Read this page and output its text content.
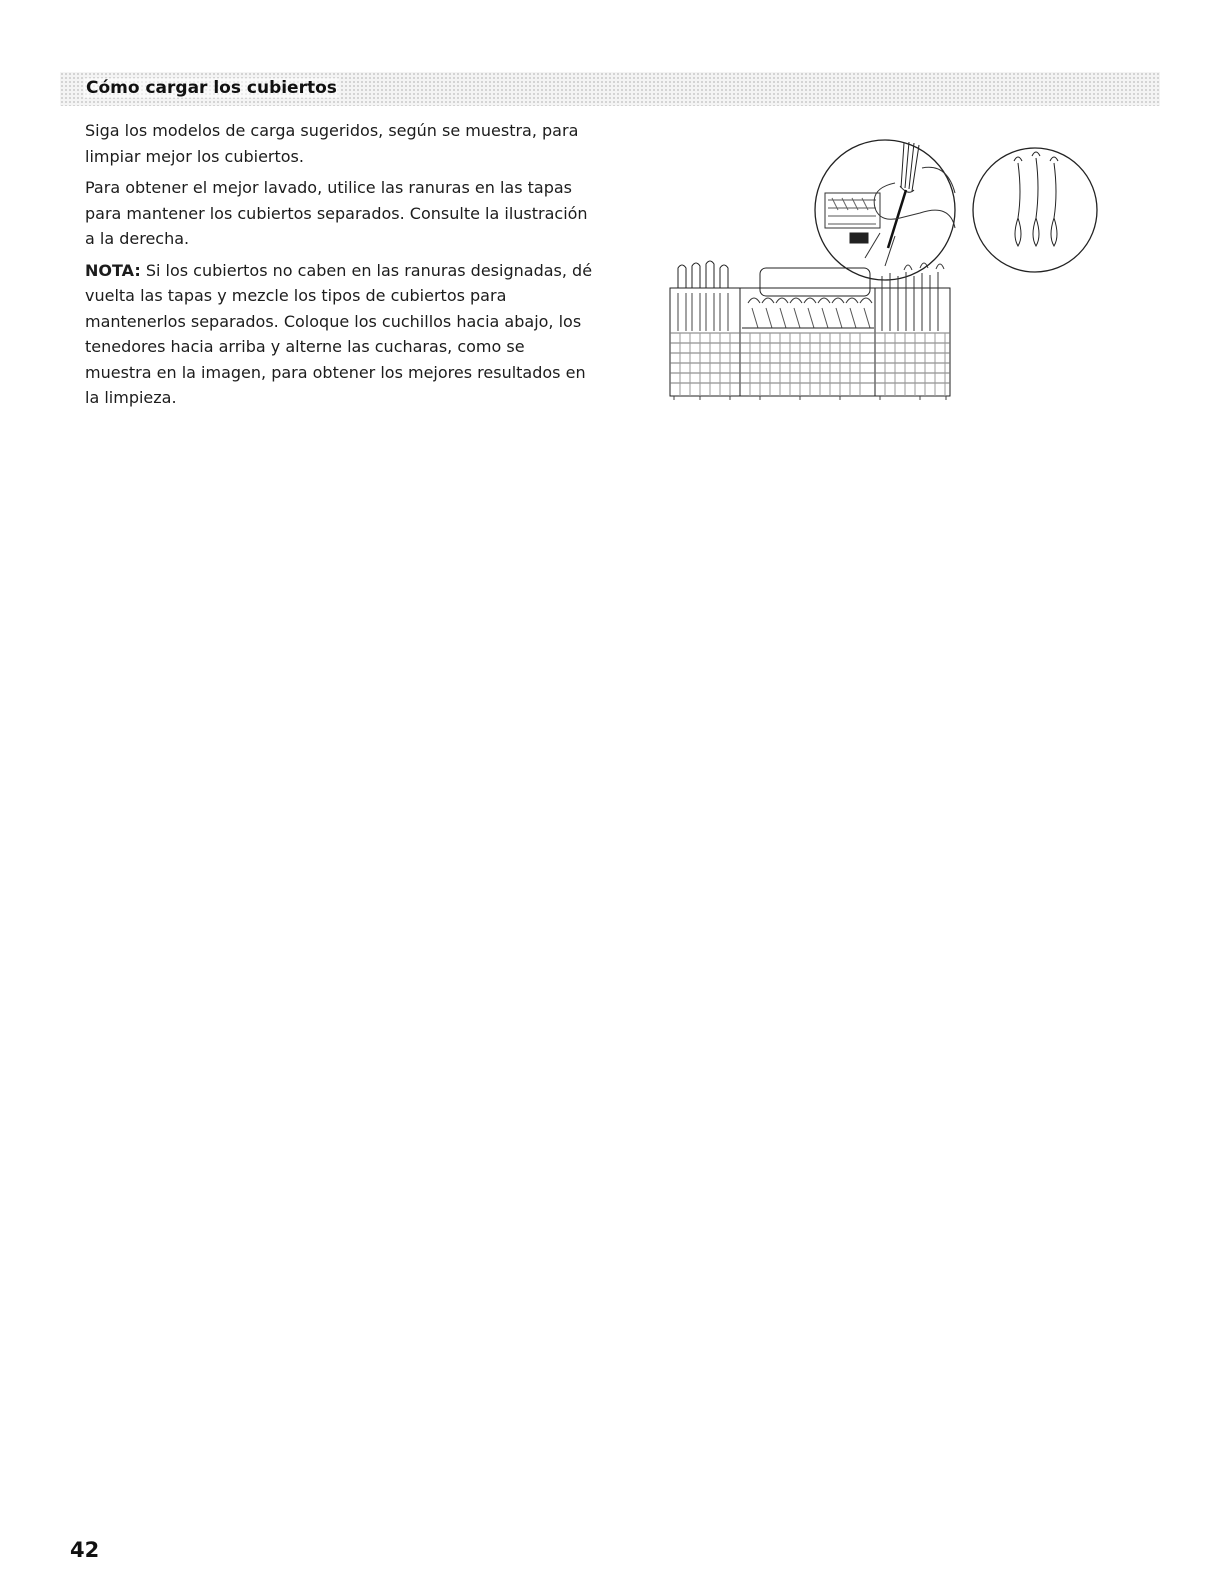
Cómo cargar los cubiertos

Siga los modelos de carga sugeridos, según se muestra, para limpiar mejor los cubiertos.

Para obtener el mejor lavado, utilice las ranuras en las tapas para mantener los cubiertos separados. Consulte la ilustración a la derecha.

NOTA: Si los cubiertos no caben en las ranuras designadas, dé vuelta las tapas y mezcle los tipos de cubiertos para mantenerlos separados. Coloque los cuchillos hacia abajo, los tenedores hacia arriba y alterne las cucharas, como se muestra en la imagen, para obtener los mejores resultados en la limpieza.

42
